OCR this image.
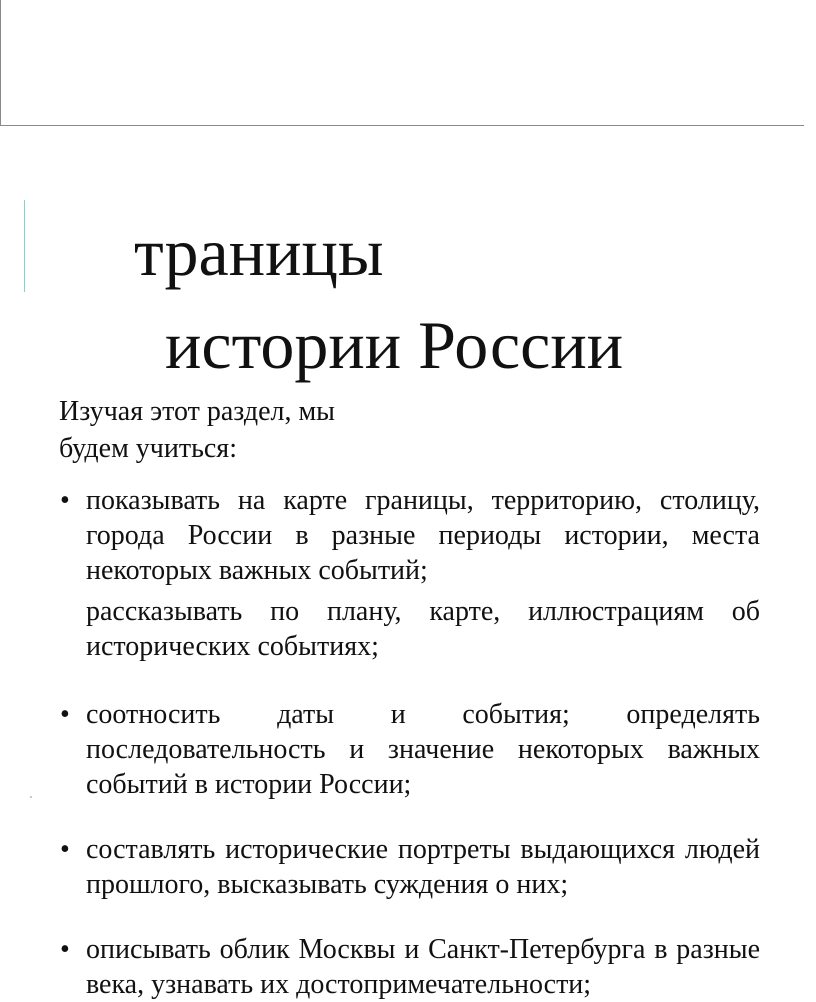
траницы
истории России
Изучая этот раздел, мы
будем учиться:
• показывать на карте границы, территорию, столицу, города России в разные периоды истории, места некоторых важных событий;
рассказывать по плану, карте, иллюстрациям об исторических событиях;
• соотносить даты и события; определять последовательность и значение некоторых важных событий в истории России;
• составлять исторические портреты выдающихся людей прошлого, высказывать суждения о них;
• описывать облик Москвы и Санкт-Петербурга в разные века, узнавать их достопримечательности;
